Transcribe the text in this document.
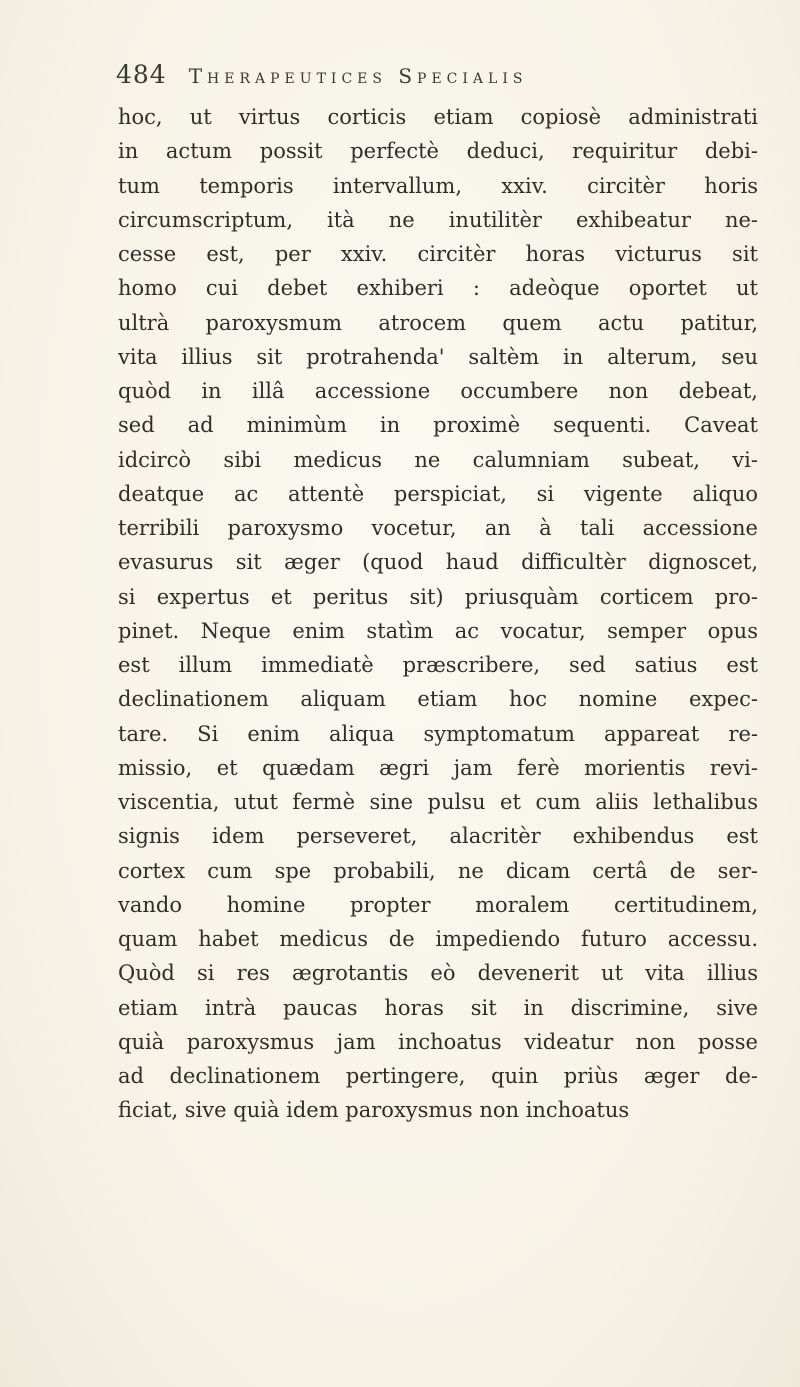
484 Therapeutices Specialis
hoc, ut virtus corticis etiam copiosè administrati
in actum possit perfectè deduci, requiritur debi-
tum temporis intervallum, xxiv. circitèr horis
circumscriptum, ità ne inutilitèr exhibeatur ne-
cesse est, per xxiv. circitèr horas victurus sit
homo cui debet exhiberi : adeòque oportet ut
ultrà paroxysmum atrocem quem actu patitur,
vita illius sit protrahenda' saltèm in alterum, seu
quòd in illâ accessione occumbere non debeat,
sed ad minimùm in proximè sequenti. Caveat
idcircò sibi medicus ne calumniam subeat, vi-
deatque ac attentè perspiciat, si vigente aliquo
terribili paroxysmo vocetur, an à tali accessione
evasurus sit æger (quod haud difficultèr dignoscet,
si expertus et peritus sit) priusquàm corticem pro-
pinet. Neque enim statìm ac vocatur, semper opus
est illum immediatè præscribere, sed satius est
declinationem aliquam etiam hoc nomine expec-
tare. Si enim aliqua symptomatum appareat re-
missio, et quædam ægri jam ferè morientis revi-
viscentia, utut fermè sine pulsu et cum aliis lethalibus
signis idem perseveret, alacritèr exhibendus est
cortex cum spe probabili, ne dicam certâ de ser-
vando homine propter moralem certitudinem,
quam habet medicus de impediendo futuro accessu.
Quòd si res ægrotantis eò devenerit ut vita illius
etiam intrà paucas horas sit in discrimine, sive
quià paroxysmus jam inchoatus videatur non posse
ad declinationem pertingere, quin priùs æger de-
ficiat, sive quià idem paroxysmus non inchoatus
